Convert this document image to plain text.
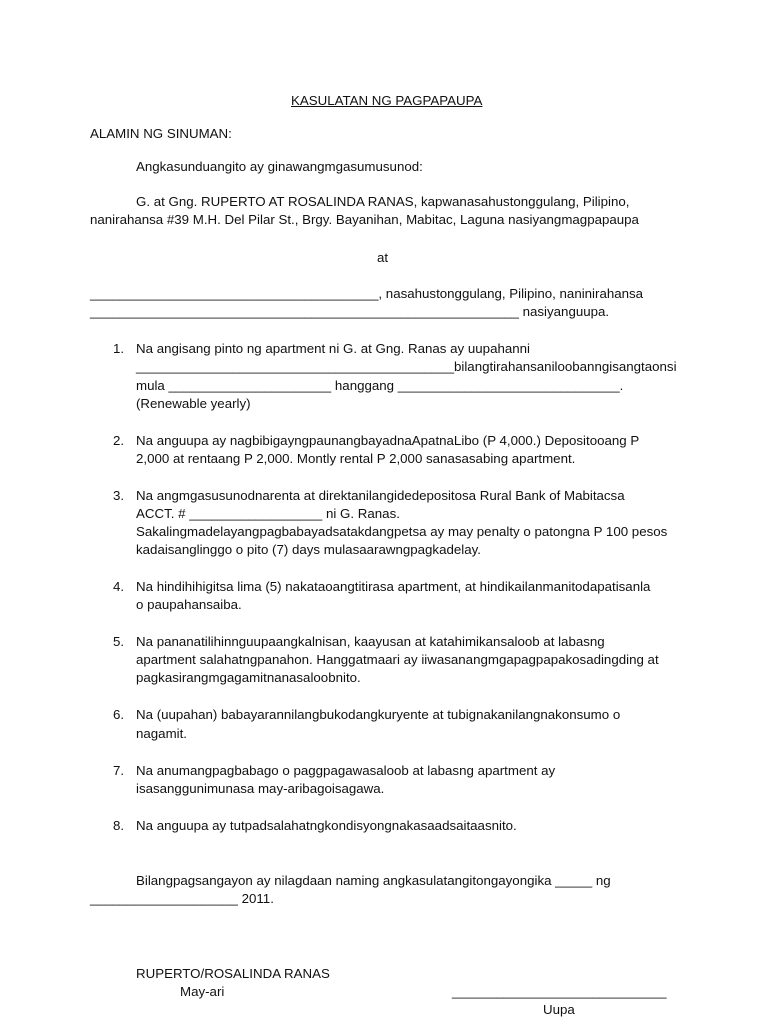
KASULATAN NG PAGPAPAUPA
ALAMIN NG SINUMAN:
Angkasunduangito ay ginawangmgasumusunod:
G. at Gng. RUPERTO AT ROSALINDA RANAS, kapwanasahustonggulang, Pilipino,
nanirahansa #39 M.H. Del Pilar St., Brgy. Bayanihan, Mabitac, Laguna nasiyangmagpapaupa
at
_______________________________________, nasahustonggulang, Pilipino, naninirahansa
__________________________________________________________ nasiyanguupa.
1. Na angisang pinto ng apartment ni G. at Gng. Ranas ay uupahanni
___________________________________________bilangtirahansaniloobanngisangtaonsi
mula ______________________ hanggang ______________________________.
(Renewable yearly)
2. Na anguupa ay nagbibigayngpaunangbayadnaApatnaLibo (P 4,000.) Depositooang P
2,000 at rentaang P 2,000. Montly rental P 2,000 sanasasabing apartment.
3. Na angmgasusunodnarenta at direktanilangidedepositosa Rural Bank of Mabitacsa
ACCT. # __________________ ni G. Ranas.
Sakalingmadelayangpagbabayadsatakdangpetsa ay may penalty o patongna P 100 pesos
kadaisanglinggo o pito (7) days mulasaarawngpagkadelay.
4. Na hindihihigitsa lima (5) nakataoangtitirasa apartment, at hindikailanmanitodapatisanla
o paupahansaiba.
5. Na pananatilihinnguupaangkalnisan, kaayusan at katahimikansaloob at labasng
apartment salahatngpanahon. Hanggatmaari ay iiwasanangmgapagpapakosadingding at
pagkasirangmgagamitnanasaloobnito.
6. Na (uupahan) babayarannilangbukodangkuryente at tubignakanilangnakonsumo o
nagamit.
7. Na anumangpagbabago o paggpagawasaloob at labasng apartment ay
isasanggunimunasa may-aribagoisagawa.
8. Na anguupa ay tutpadsalahatngkondisyongnakasaadsaitaasnito.
Bilangpagsangayon ay nilagdaan naming angkasulatangitongayongika _____ ng
____________________ 2011.
RUPERTO/ROSALINDA RANAS
May-ari	_____________________________
Uupa
